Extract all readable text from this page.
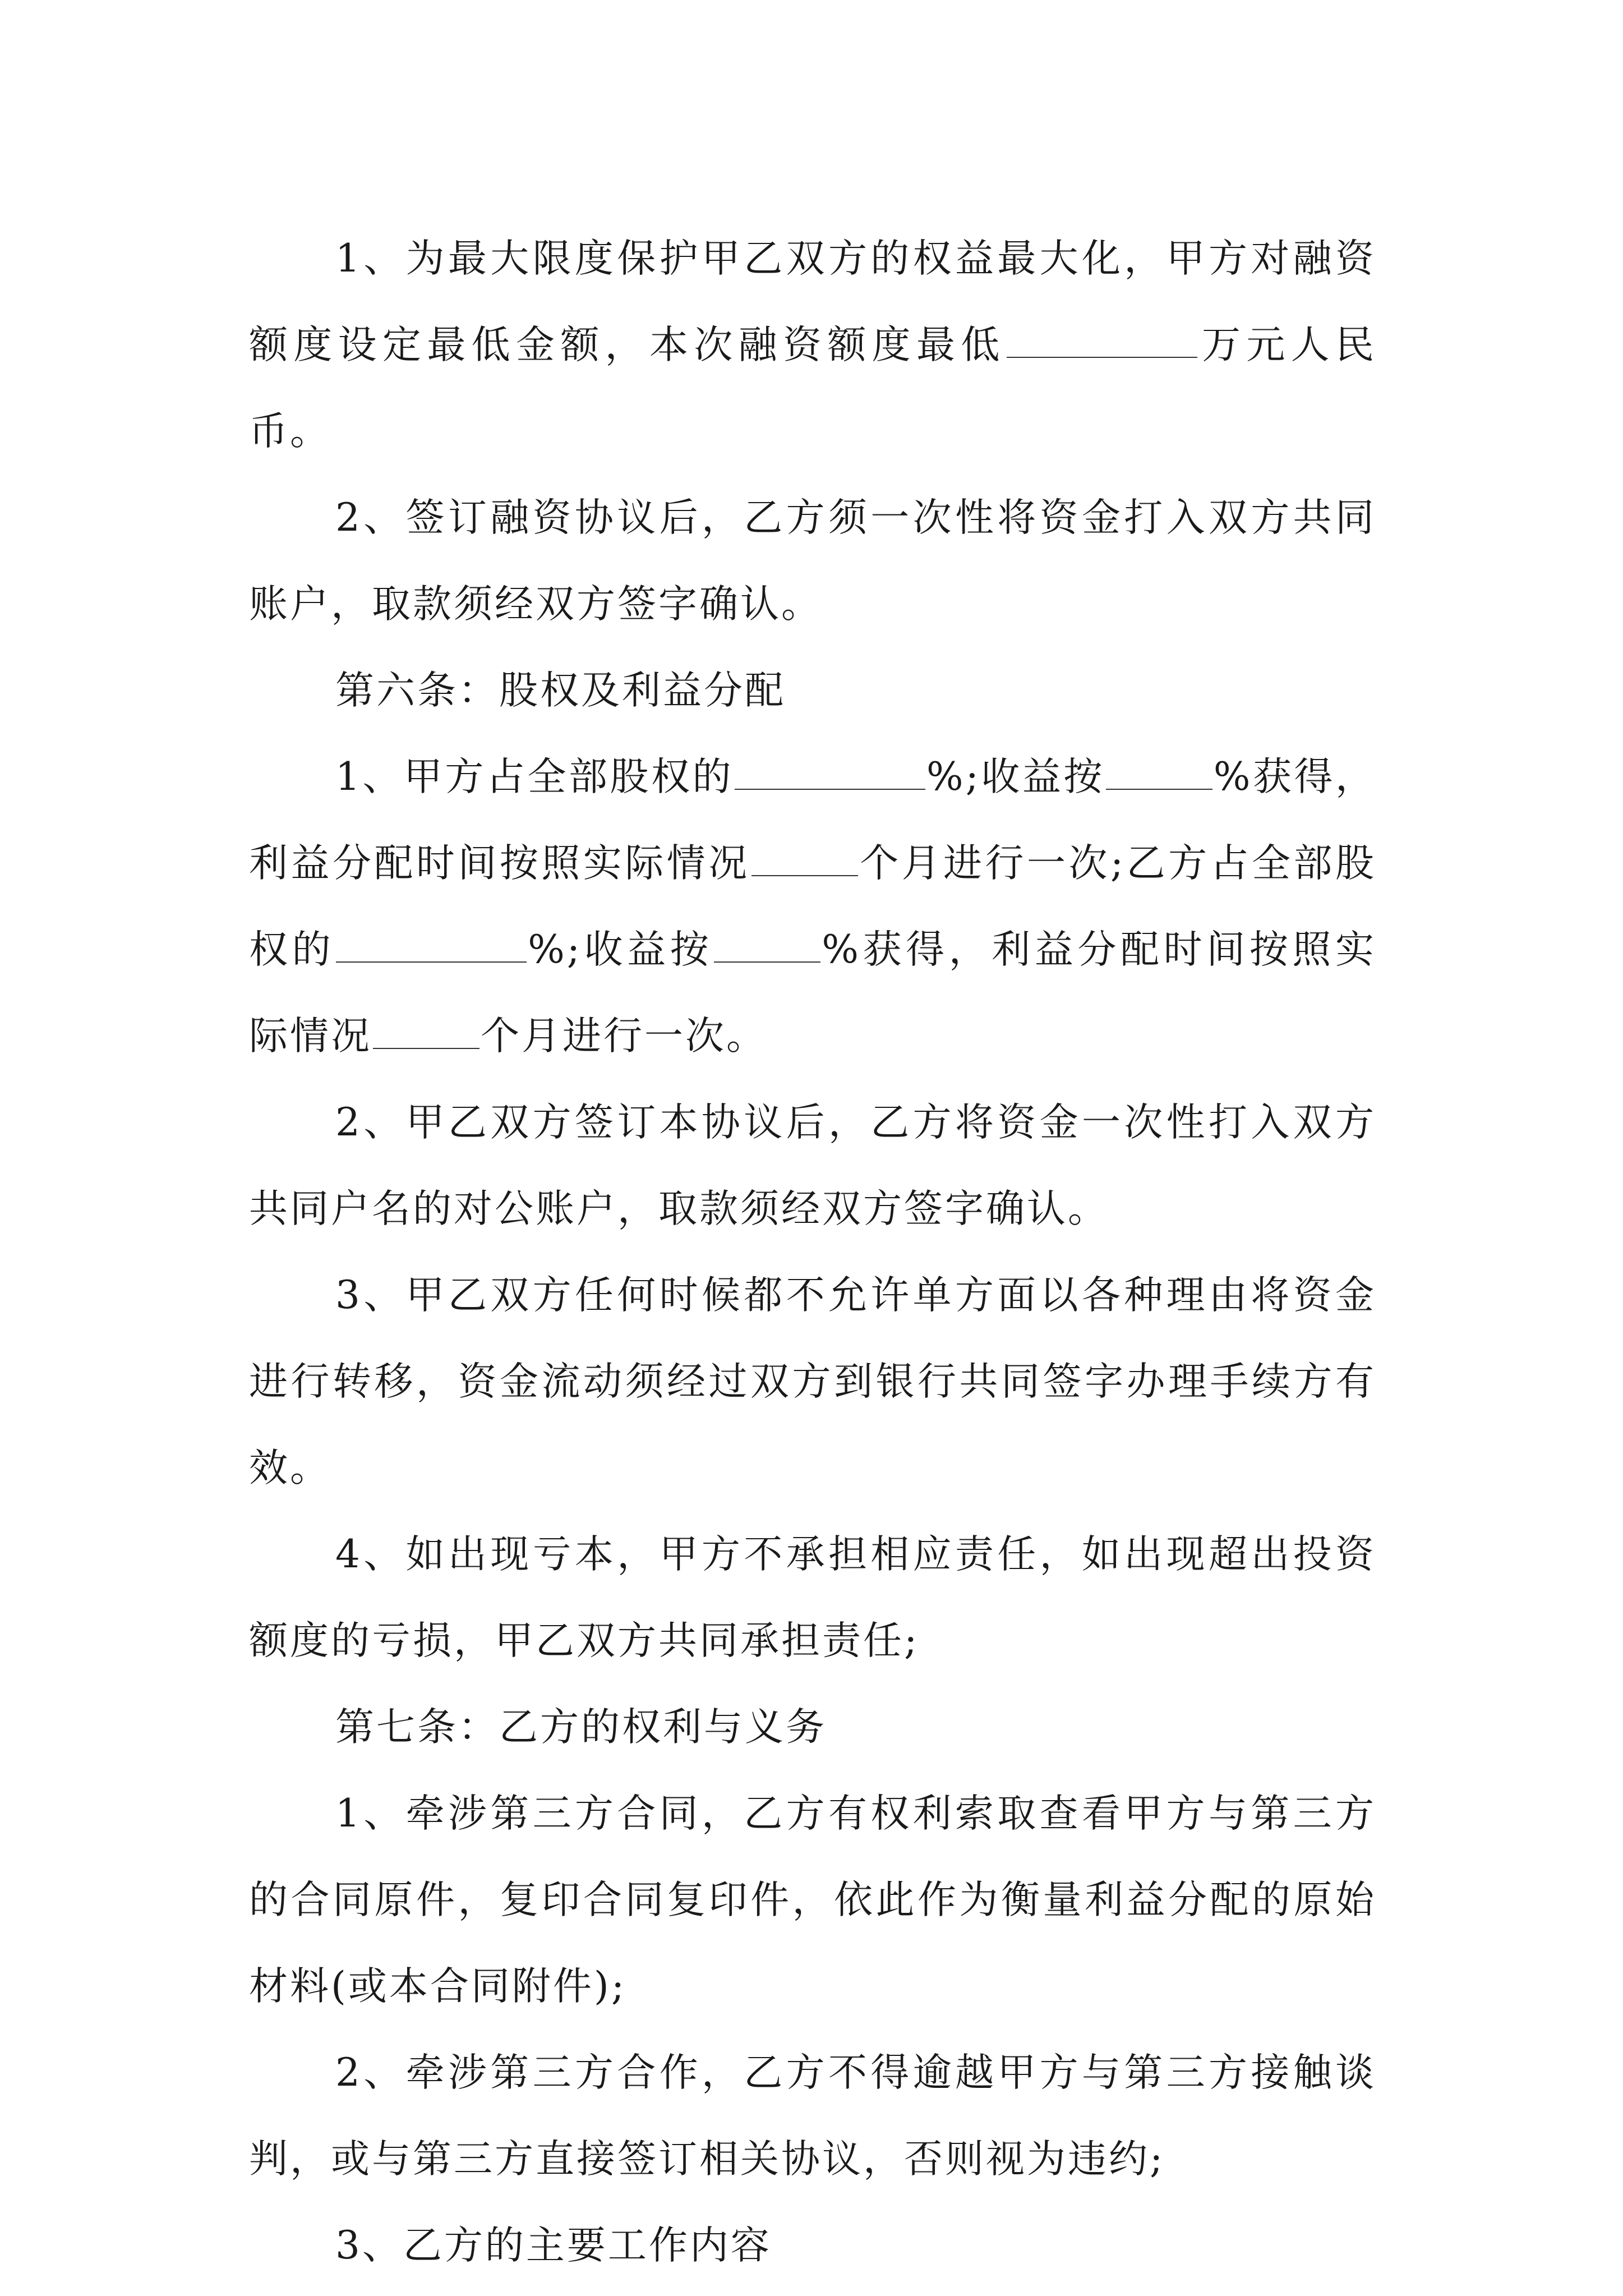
1、为最大限度保护甲乙双方的权益最大化，甲方对融资额度设定最低金额，本次融资额度最低	万元人民币。

2、签订融资协议后，乙方须一次性将资金打入双方共同账户，取款须经双方签字确认。

第六条：股权及利益分配

1、甲方占全部股权的	%;收益按	%获得，利益分配时间按照实际情况	个月进行一次;乙方占全部股权的	%;收益按	%获得，利益分配时间按照实际情况	个月进行一次。

2、甲乙双方签订本协议后，乙方将资金一次性打入双方共同户名的对公账户，取款须经双方签字确认。

3、甲乙双方任何时候都不允许单方面以各种理由将资金进行转移，资金流动须经过双方到银行共同签字办理手续方有效。

4、如出现亏本，甲方不承担相应责任，如出现超出投资额度的亏损，甲乙双方共同承担责任;

第七条：乙方的权利与义务

1、牵涉第三方合同，乙方有权利索取查看甲方与第三方的合同原件，复印合同复印件，依此作为衡量利益分配的原始材料(或本合同附件);

2、牵涉第三方合作，乙方不得逾越甲方与第三方接触谈判，或与第三方直接签订相关协议，否则视为违约;

3、乙方的主要工作内容
